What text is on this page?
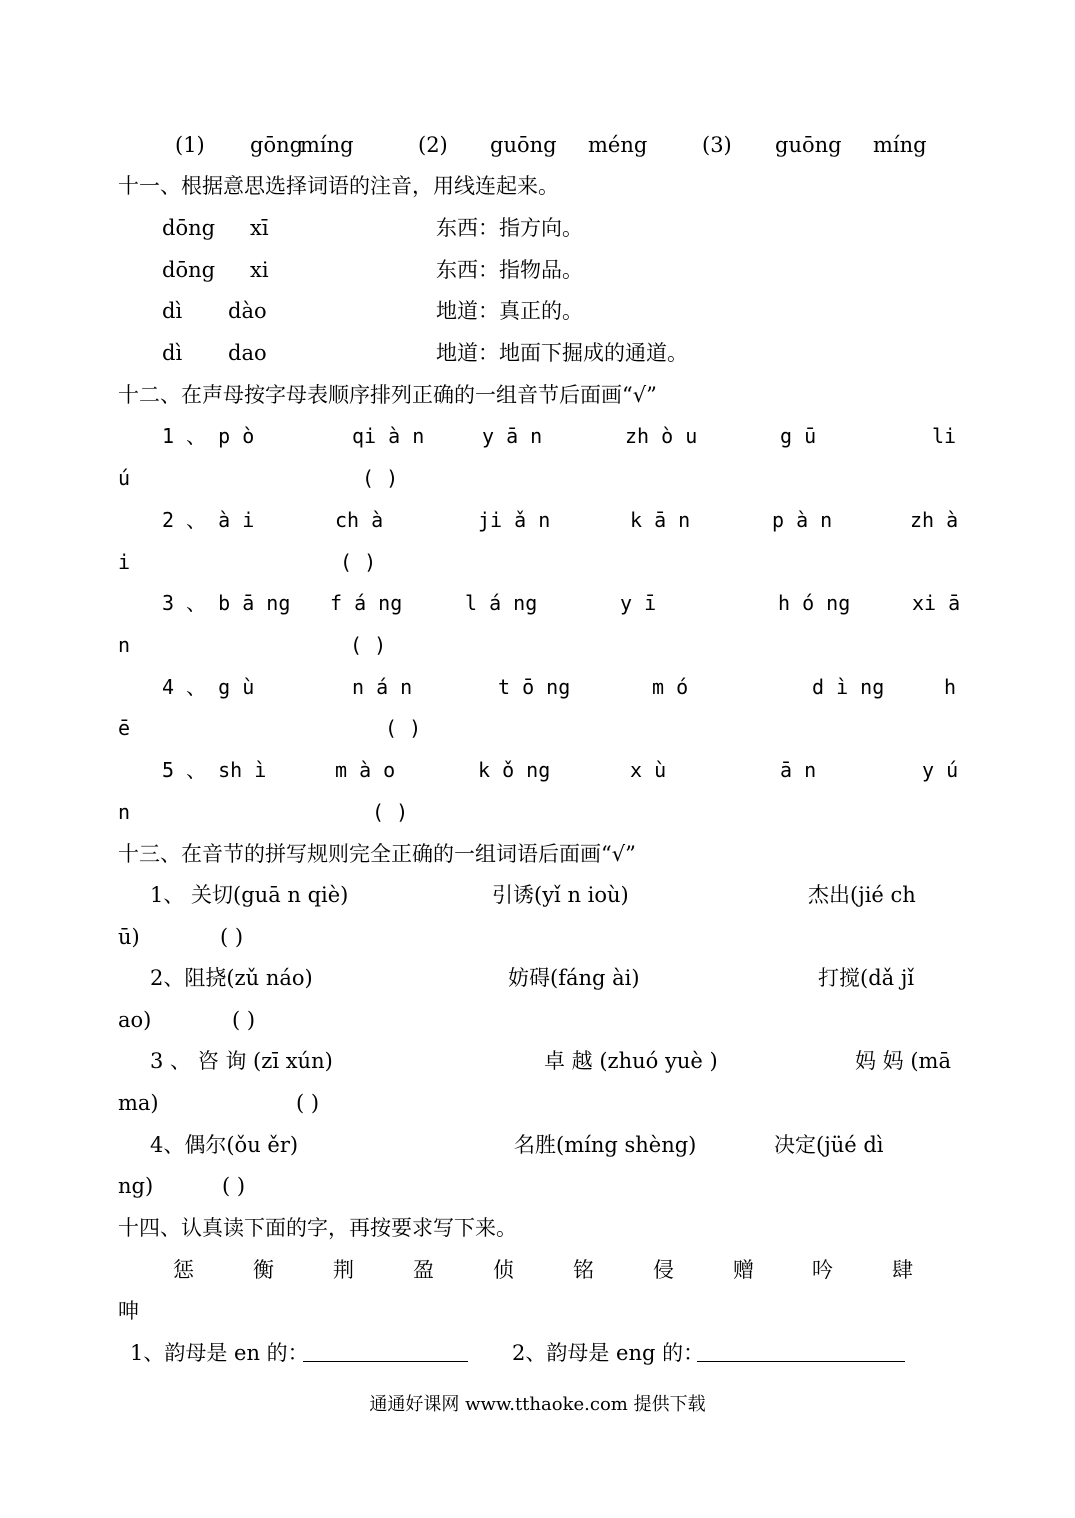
(1) gōng
míng	(2) guōng méng	(3) guōng míng
十一、根据意思选择词语的注音，用线连起来。
dōng xī	东西：指方向。
dōng xi	东西：指物品。
dì dào	地道：真正的。
dì dao	地道：地面下掘成的通道。
十二、在声母按字母表顺序排列正确的一组音节后面画“√”
1 、 p ò	qi à n	y ā n	zh ò u	g ū	li
ú	( )
2 、 à i	ch à	ji ǎ n	k ā n	p à n	zh à
i	( )
3 、 b ā ng f á ng	l á ng	y ī	h ó ng	xi ā
n	( )
4 、 g ù	n á n	t ō ng	m ó	d ì ng	h
ē	( )
5 、 sh ì	m à o	k ǒ ng	x ù	ā n	y ú
n	( )
十三、在音节的拼写规则完全正确的一组词语后面画“√”
1、 关切(guā n qiè)	引诱(yǐ n ioù)	杰出(jié ch
ū)	( )
2、阻挠(zǔ náo)	妨碍(fáng ài)	打搅(dǎ jǐ
ao)	( )
3 、 咨 询 (zī xún)	卓 越 (zhuó yuè )	妈 妈 (mā
ma)	( )
4、偶尔(ǒu ěr)	名胜(míng shèng)	决定(jüé dì
ng)	( )
十四、认真读下面的字，再按要求写下来。
惩	衡	荆	盈	侦	铭	侵	赠	吟	肆
呻
1、韵母是 en 的：	2、韵母是 eng 的：
通通好课网 www.tthaoke.com 提供下载
